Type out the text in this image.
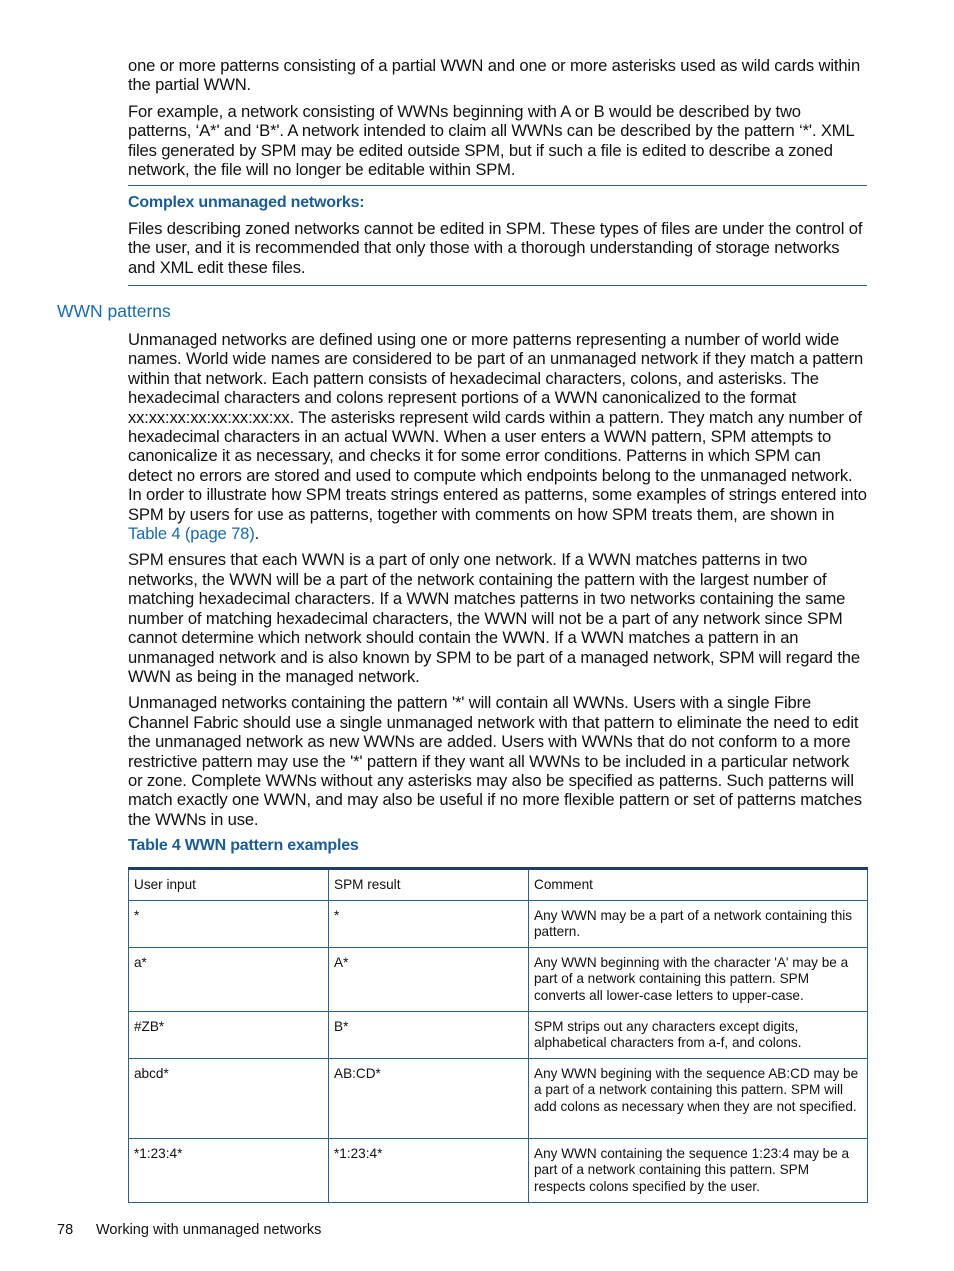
one or more patterns consisting of a partial WWN and one or more asterisks used as wild cards within the partial WWN.

For example, a network consisting of WWNs beginning with A or B would be described by two patterns, ‘A*' and ‘B*'. A network intended to claim all WWNs can be described by the pattern ‘*'. XML files generated by SPM may be edited outside SPM, but if such a file is edited to describe a zoned network, the file will no longer be editable within SPM.

Complex unmanaged networks:

Files describing zoned networks cannot be edited in SPM. These types of files are under the control of the user, and it is recommended that only those with a thorough understanding of storage networks and XML edit these files.

WWN patterns

Unmanaged networks are defined using one or more patterns representing a number of world wide names. World wide names are considered to be part of an unmanaged network if they match a pattern within that network. Each pattern consists of hexadecimal characters, colons, and asterisks. The hexadecimal characters and colons represent portions of a WWN canonicalized to the format xx:xx:xx:xx:xx:xx:xx:xx. The asterisks represent wild cards within a pattern. They match any number of hexadecimal characters in an actual WWN. When a user enters a WWN pattern, SPM attempts to canonicalize it as necessary, and checks it for some error conditions. Patterns in which SPM can detect no errors are stored and used to compute which endpoints belong to the unmanaged network. In order to illustrate how SPM treats strings entered as patterns, some examples of strings entered into SPM by users for use as patterns, together with comments on how SPM treats them, are shown in Table 4 (page 78).

SPM ensures that each WWN is a part of only one network. If a WWN matches patterns in two networks, the WWN will be a part of the network containing the pattern with the largest number of matching hexadecimal characters. If a WWN matches patterns in two networks containing the same number of matching hexadecimal characters, the WWN will not be a part of any network since SPM cannot determine which network should contain the WWN. If a WWN matches a pattern in an unmanaged network and is also known by SPM to be part of a managed network, SPM will regard the WWN as being in the managed network.

Unmanaged networks containing the pattern '*' will contain all WWNs. Users with a single Fibre Channel Fabric should use a single unmanaged network with that pattern to eliminate the need to edit the unmanaged network as new WWNs are added. Users with WWNs that do not conform to a more restrictive pattern may use the '*' pattern if they want all WWNs to be included in a particular network or zone. Complete WWNs without any asterisks may also be specified as patterns. Such patterns will match exactly one WWN, and may also be useful if no more flexible pattern or set of patterns matches the WWNs in use.

Table 4 WWN pattern examples
User input	SPM result	Comment
*	*	Any WWN may be a part of a network containing this pattern.
a*	A*	Any WWN beginning with the character 'A' may be a part of a network containing this pattern. SPM converts all lower-case letters to upper-case.
#ZB*	B*	SPM strips out any characters except digits, alphabetical characters from a-f, and colons.
abcd*	AB:CD*	Any WWN begining with the sequence AB:CD may be a part of a network containing this pattern. SPM will add colons as necessary when they are not specified.
*1:23:4*	*1:23:4*	Any WWN containing the sequence 1:23:4 may be a part of a network containing this pattern. SPM respects colons specified by the user.
78 Working with unmanaged networks
